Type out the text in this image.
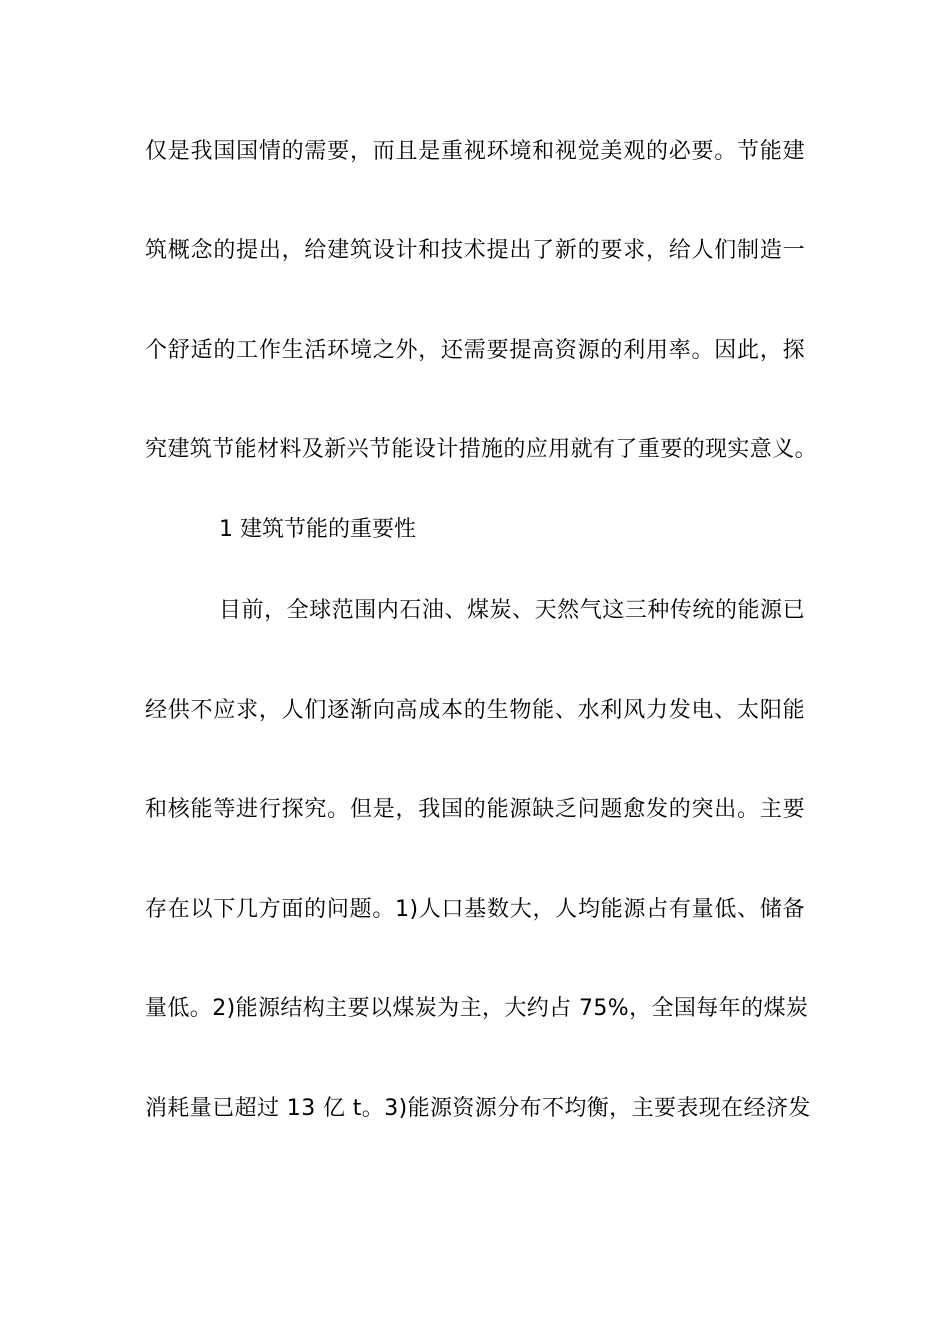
仅是我国国情的需要，而且是重视环境和视觉美观的必要。节能建
筑概念的提出，给建筑设计和技术提出了新的要求，给人们制造一
个舒适的工作生活环境之外，还需要提高资源的利用率。因此，探
究建筑节能材料及新兴节能设计措施的应用就有了重要的现实意义。
1 建筑节能的重要性
目前，全球范围内石油、煤炭、天然气这三种传统的能源已
经供不应求，人们逐渐向高成本的生物能、水利风力发电、太阳能
和核能等进行探究。但是，我国的能源缺乏问题愈发的突出。主要
存在以下几方面的问题。1)人口基数大，人均能源占有量低、储备
量低。2)能源结构主要以煤炭为主，大约占 75%，全国每年的煤炭
消耗量已超过 13 亿 t。3)能源资源分布不均衡，主要表现在经济发
